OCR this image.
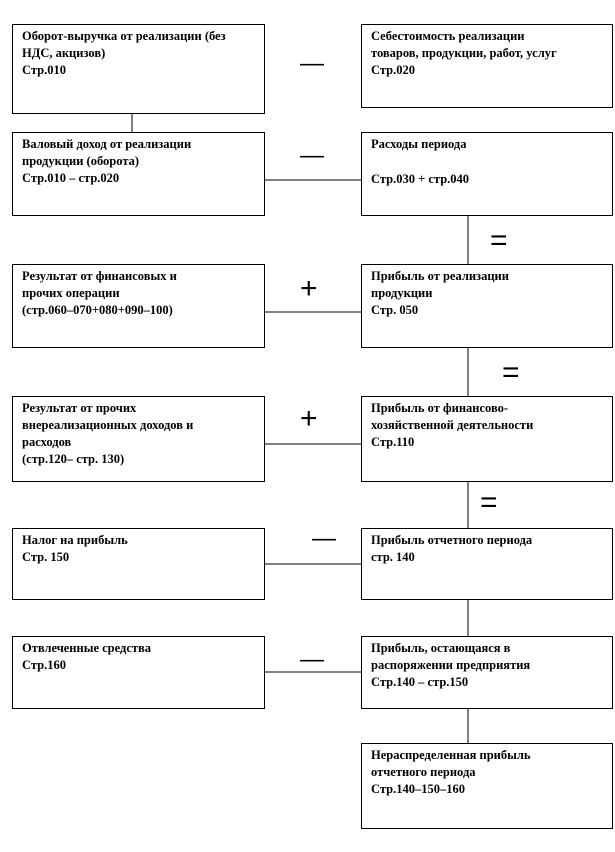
Оборот-выручка от реализации (без
НДС, акцизов)
Стр.010
Себестоимость реализации
товаров, продукции, работ, услуг
Стр.020
Валовый доход от реализации
продукции (оборота)
Стр.010 – стр.020
Расходы периода
Стр.030 + стр.040
Результат от финансовых и
прочих операции
(стр.060–070+080+090–100)
Прибыль от реализации
продукции
Стр. 050
Результат от прочих
внереализационных доходов и
расходов
(стр.120– стр. 130)
Прибыль от финансово-
хозяйственной деятельности
Стр.110
Налог на прибыль
Стр. 150
Прибыль отчетного периода
стр. 140
Отвлеченные средства
Стр.160
Прибыль, остающаяся в
распоряжении предприятия
Стр.140 – стр.150
Нераспределенная прибыль
отчетного периода
Стр.140–150–160
—
—
=
+
=
+
=
—
—
